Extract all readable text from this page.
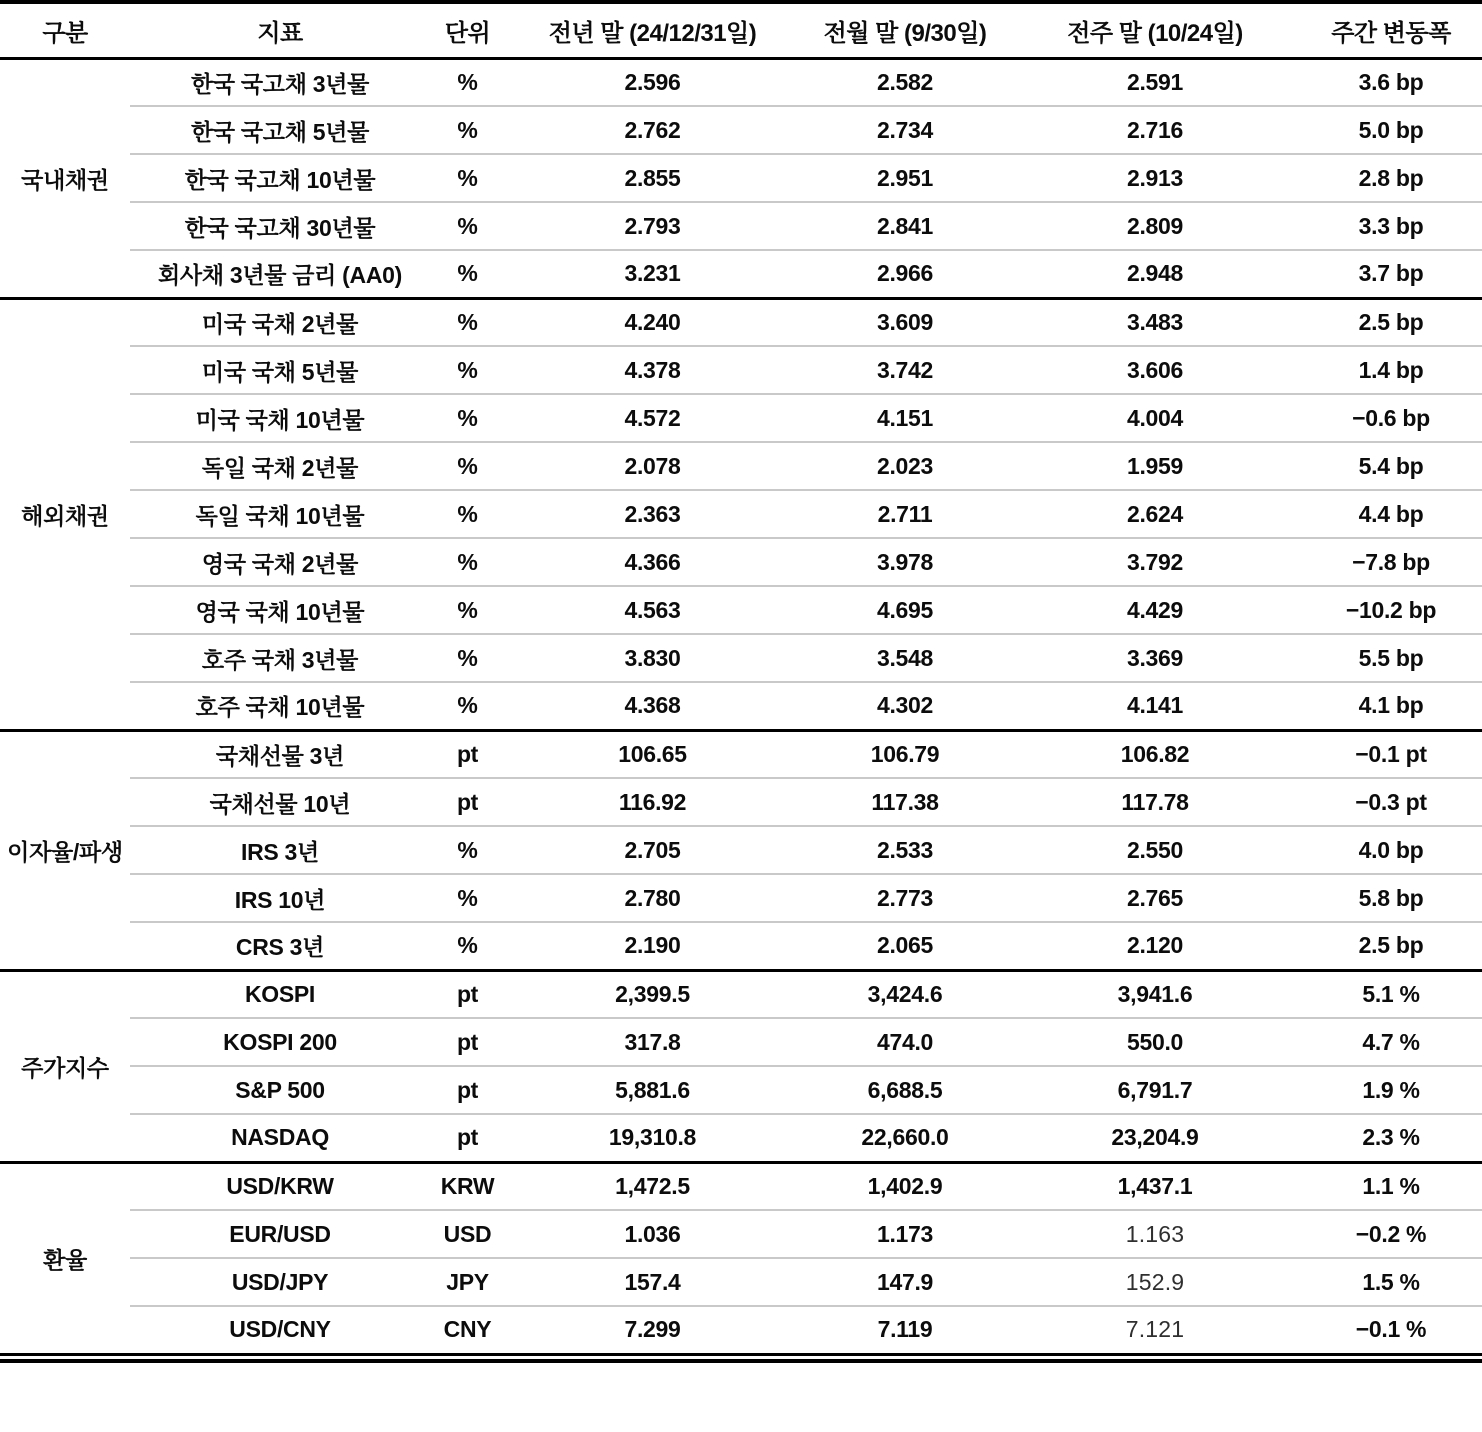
구분	지표	단위	전년 말 (24/12/31일)	전월 말 (9/30일)	전주 말 (10/24일)	주간 변동폭
국내채권	한국 국고채 3년물	%	2.596	2.582	2.591	3.6 bp
	한국 국고채 5년물	%	2.762	2.734	2.716	5.0 bp
	한국 국고채 10년물	%	2.855	2.951	2.913	2.8 bp
	한국 국고채 30년물	%	2.793	2.841	2.809	3.3 bp
	회사채 3년물 금리 (AA0)	%	3.231	2.966	2.948	3.7 bp
해외채권	미국 국채 2년물	%	4.240	3.609	3.483	2.5 bp
	미국 국채 5년물	%	4.378	3.742	3.606	1.4 bp
	미국 국채 10년물	%	4.572	4.151	4.004	−0.6 bp
	독일 국채 2년물	%	2.078	2.023	1.959	5.4 bp
	독일 국채 10년물	%	2.363	2.711	2.624	4.4 bp
	영국 국채 2년물	%	4.366	3.978	3.792	−7.8 bp
	영국 국채 10년물	%	4.563	4.695	4.429	−10.2 bp
	호주 국채 3년물	%	3.830	3.548	3.369	5.5 bp
	호주 국채 10년물	%	4.368	4.302	4.141	4.1 bp
이자율/파생	국채선물 3년	pt	106.65	106.79	106.82	−0.1 pt
	국채선물 10년	pt	116.92	117.38	117.78	−0.3 pt
	IRS 3년	%	2.705	2.533	2.550	4.0 bp
	IRS 10년	%	2.780	2.773	2.765	5.8 bp
	CRS 3년	%	2.190	2.065	2.120	2.5 bp
주가지수	KOSPI	pt	2,399.5	3,424.6	3,941.6	5.1 %
	KOSPI 200	pt	317.8	474.0	550.0	4.7 %
	S&P 500	pt	5,881.6	6,688.5	6,791.7	1.9 %
	NASDAQ	pt	19,310.8	22,660.0	23,204.9	2.3 %
환율	USD/KRW	KRW	1,472.5	1,402.9	1,437.1	1.1 %
	EUR/USD	USD	1.036	1.173	1.163	−0.2 %
	USD/JPY	JPY	157.4	147.9	152.9	1.5 %
	USD/CNY	CNY	7.299	7.119	7.121	−0.1 %
